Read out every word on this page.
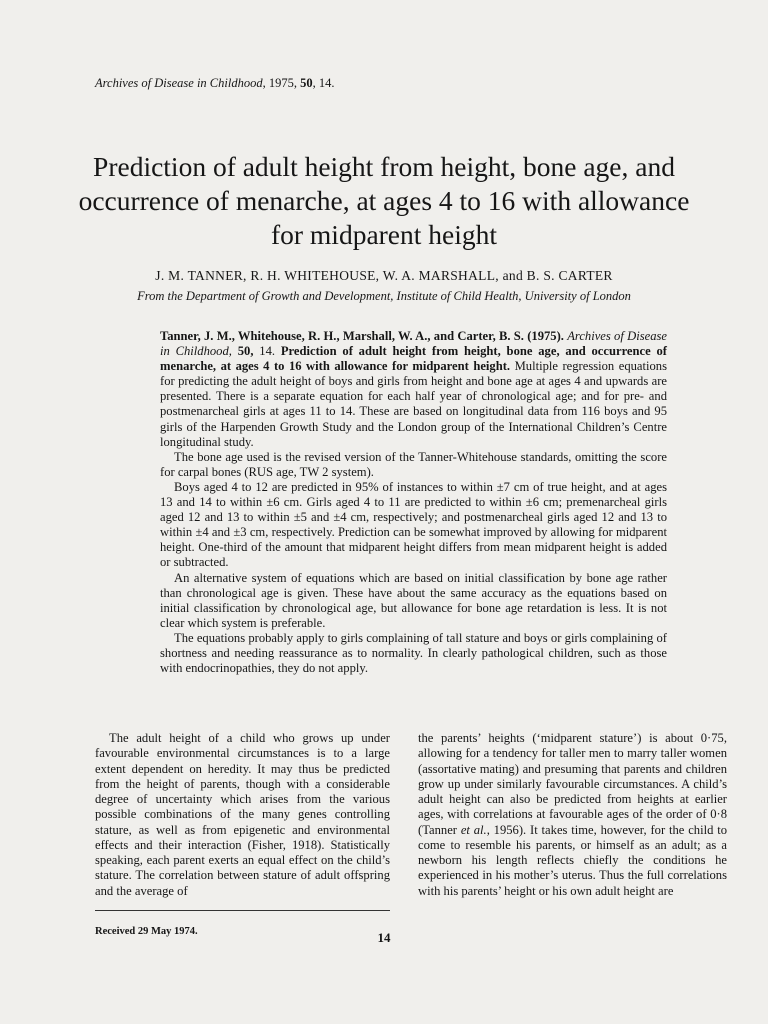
Archives of Disease in Childhood, 1975, 50, 14.
Prediction of adult height from height, bone age, and
occurrence of menarche, at ages 4 to 16 with allowance
for midparent height
J. M. TANNER, R. H. WHITEHOUSE, W. A. MARSHALL, and B. S. CARTER
From the Department of Growth and Development, Institute of Child Health, University of London

Tanner, J. M., Whitehouse, R. H., Marshall, W. A., and Carter, B. S. (1975). Archives of Disease in Childhood, 50, 14. Prediction of adult height from height, bone age, and occurrence of menarche, at ages 4 to 16 with allowance for midparent height. Multiple regression equations for predicting the adult height of boys and girls from height and bone age at ages 4 and upwards are presented. There is a separate equation for each half year of chronological age; and for pre- and postmenarcheal girls at ages 11 to 14. These are based on longitudinal data from 116 boys and 95 girls of the Harpenden Growth Study and the London group of the International Children’s Centre longitudinal study.

The bone age used is the revised version of the Tanner-Whitehouse standards, omitting the score for carpal bones (RUS age, TW 2 system).

Boys aged 4 to 12 are predicted in 95% of instances to within ±7 cm of true height, and at ages 13 and 14 to within ±6 cm. Girls aged 4 to 11 are predicted to within ±6 cm; premenarcheal girls aged 12 and 13 to within ±5 and ±4 cm, respectively; and postmenarcheal girls aged 12 and 13 to within ±4 and ±3 cm, respectively. Prediction can be somewhat improved by allowing for midparent height. One-third of the amount that midparent height differs from mean midparent height is added or subtracted.

An alternative system of equations which are based on initial classification by bone age rather than chronological age is given. These have about the same accuracy as the equations based on initial classification by chronological age, but allowance for bone age retardation is less. It is not clear which system is preferable.

The equations probably apply to girls complaining of tall stature and boys or girls complaining of shortness and needing reassurance as to normality. In clearly pathological children, such as those with endocrinopathies, they do not apply.

The adult height of a child who grows up under favourable environmental circumstances is to a large extent dependent on heredity. It may thus be predicted from the height of parents, though with a considerable degree of uncertainty which arises from the various possible combinations of the many genes controlling stature, as well as from epigenetic and environmental effects and their interaction (Fisher, 1918). Statistically speaking, each parent exerts an equal effect on the child’s stature. The correlation between stature of adult offspring and the average of

the parents’ heights (‘midparent stature’) is about 0·75, allowing for a tendency for taller men to marry taller women (assortative mating) and presuming that parents and children grow up under similarly favourable circumstances. A child’s adult height can also be predicted from heights at earlier ages, with correlations at favourable ages of the order of 0·8 (Tanner et al., 1956). It takes time, however, for the child to come to resemble his parents, or himself as an adult; as a newborn his length reflects chiefly the conditions he experienced in his mother’s uterus. Thus the full correlations with his parents’ height or his own adult height are

Received 29 May 1974.	14
